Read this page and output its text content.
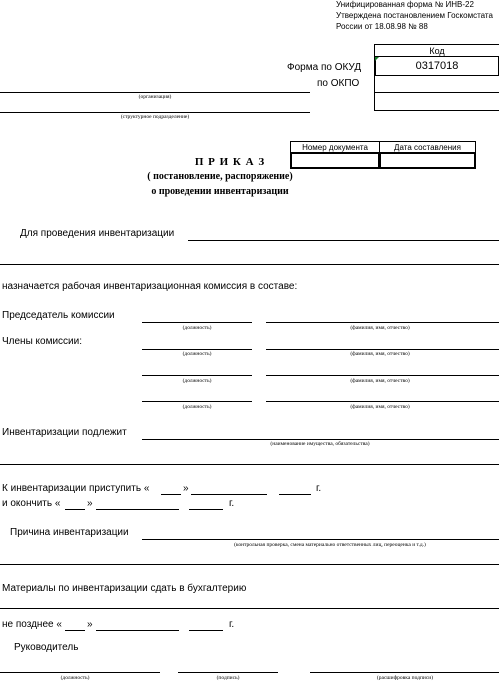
Унифицированная форма № ИНВ-22
Утверждена постановлением Госкомстата
России от 18.08.98 № 88
Код
0317018
Форма по ОКУД
по ОКПО
(организация)
(структурное подразделение)
Номер документа	Дата составления
П Р И К А З
( постановление, распоряжение)
о проведении инвентаризации
Для проведения инвентаризации
назначается рабочая инвентаризационная комиссия в составе:
Председатель комиссии
(должность)	(фамилия, имя, отчество)
Члены комиссии:
(должность)	(фамилия, имя, отчество)
(должность)	(фамилия, имя, отчество)
(должность)	(фамилия, имя, отчество)
Инвентаризации подлежит
(наименование имущества, обязательства)
К инвентаризации приступить «	»	г.
и окончить «	»	г.
Причина инвентаризации
(контрольная проверка, смена материально ответственных лиц, переоценка и т.д.)
Материалы по инвентаризации сдать в бухгалтерию
не позднее «	»	г.
Руководитель
(должность)	(подпись)	(расшифровка подписи)
